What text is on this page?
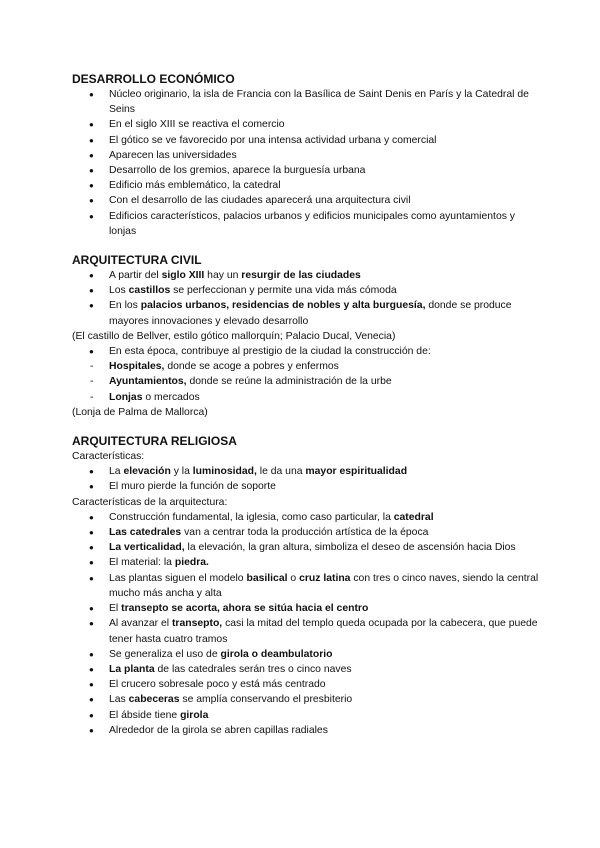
DESARROLLO ECONÓMICO
● Núcleo originario, la isla de Francia con la Basílica de Saint Denis en París y la Catedral de Seins
● En el siglo XIII se reactiva el comercio
● El gótico se ve favorecido por una intensa actividad urbana y comercial
● Aparecen las universidades
● Desarrollo de los gremios, aparece la burguesía urbana
● Edificio más emblemático, la catedral
● Con el desarrollo de las ciudades aparecerá una arquitectura civil
● Edificios característicos, palacios urbanos y edificios municipales como ayuntamientos y lonjas
ARQUITECTURA CIVIL
● A partir del siglo XIII hay un resurgir de las ciudades
● Los castillos se perfeccionan y permite una vida más cómoda
● En los palacios urbanos, residencias de nobles y alta burguesía, donde se produce mayores innovaciones y elevado desarrollo

(El castillo de Bellver, estilo gótico mallorquín; Palacio Ducal, Venecia)

● En esta época, contribuye al prestigio de la ciudad la construcción de:
- Hospitales, donde se acoge a pobres y enfermos
- Ayuntamientos, donde se reúne la administración de la urbe
- Lonjas o mercados

(Lonja de Palma de Mallorca)

ARQUITECTURA RELIGIOSA

Características:

● La elevación y la luminosidad, le da una mayor espiritualidad
● El muro pierde la función de soporte

Características de la arquitectura:

● Construcción fundamental, la iglesia, como caso particular, la catedral
● Las catedrales van a centrar toda la producción artística de la época
● La verticalidad, la elevación, la gran altura, simboliza el deseo de ascensión hacia Dios
● El material: la piedra.
● Las plantas siguen el modelo basilical o cruz latina con tres o cinco naves, siendo la central mucho más ancha y alta
● El transepto se acorta, ahora se sitúa hacia el centro
● Al avanzar el transepto, casi la mitad del templo queda ocupada por la cabecera, que puede tener hasta cuatro tramos
● Se generaliza el uso de girola o deambulatorio
● La planta de las catedrales serán tres o cinco naves
● El crucero sobresale poco y está más centrado
● Las cabeceras se amplía conservando el presbiterio
● El ábside tiene girola
● Alrededor de la girola se abren capillas radiales
